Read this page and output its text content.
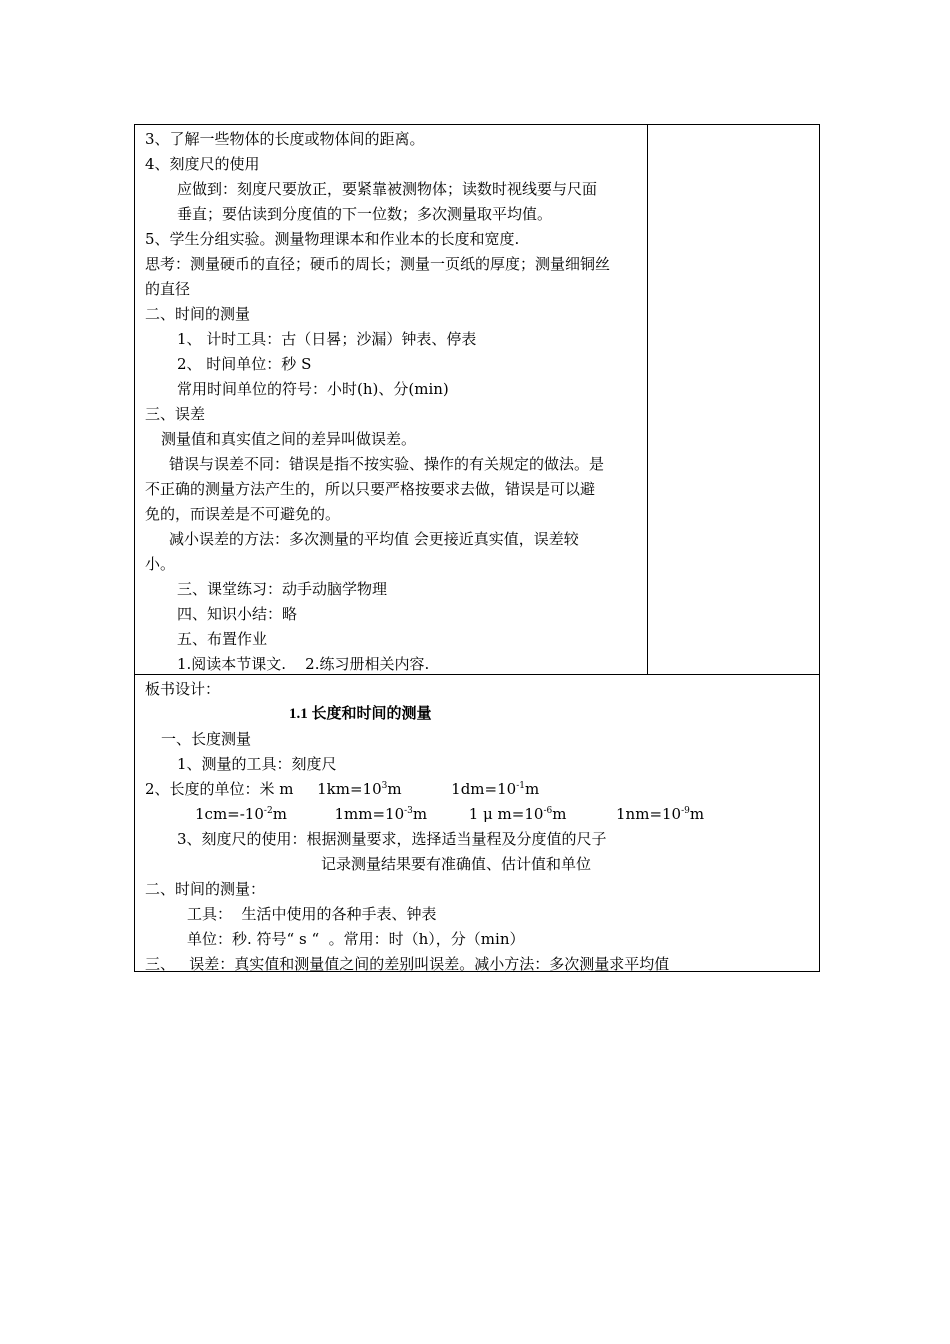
3、了解一些物体的长度或物体间的距离。
4、刻度尺的使用
应做到：刻度尺要放正，要紧靠被测物体；读数时视线要与尺面
垂直；要估读到分度值的下一位数；多次测量取平均值。
5、学生分组实验。测量物理课本和作业本的长度和宽度.
思考：测量硬币的直径；硬币的周长；测量一页纸的厚度；测量细铜丝
的直径
二、时间的测量
1、 计时工具：古（日晷；沙漏）钟表、停表
2、 时间单位：秒 S
常用时间单位的符号：小时(h)、分(min)
三、误差
测量值和真实值之间的差异叫做误差。
错误与误差不同：错误是指不按实验、操作的有关规定的做法。是
不正确的测量方法产生的，所以只要严格按要求去做，错误是可以避
免的，而误差是不可避免的。
减小误差的方法：多次测量的平均值 会更接近真实值，误差较
小。
三、课堂练习：动手动脑学物理
四、知识小结：略
五、布置作业
1.阅读本节课文.    2.练习册相关内容.
板书设计：
1.1 长度和时间的测量
一、长度测量
1、测量的工具：刻度尺
2、长度的单位：米 m $1km=10^3m$	$1dm=10^{-1}m$
$1cm=-10^{-2}m$	$1mm=10^{-3}m$	1 μ $m=10^{-6}m$	$1nm=10^{-9}m$
3、刻度尺的使用：根据测量要求，选择适当量程及分度值的尺子
记录测量结果要有准确值、估计值和单位
二、时间的测量：
工具：  生活中使用的各种手表、钟表
单位：秒. 符号“ s “  。常用：时（h），分（min）
三、   误差：真实值和测量值之间的差别叫误差。减小方法：多次测量求平均值
